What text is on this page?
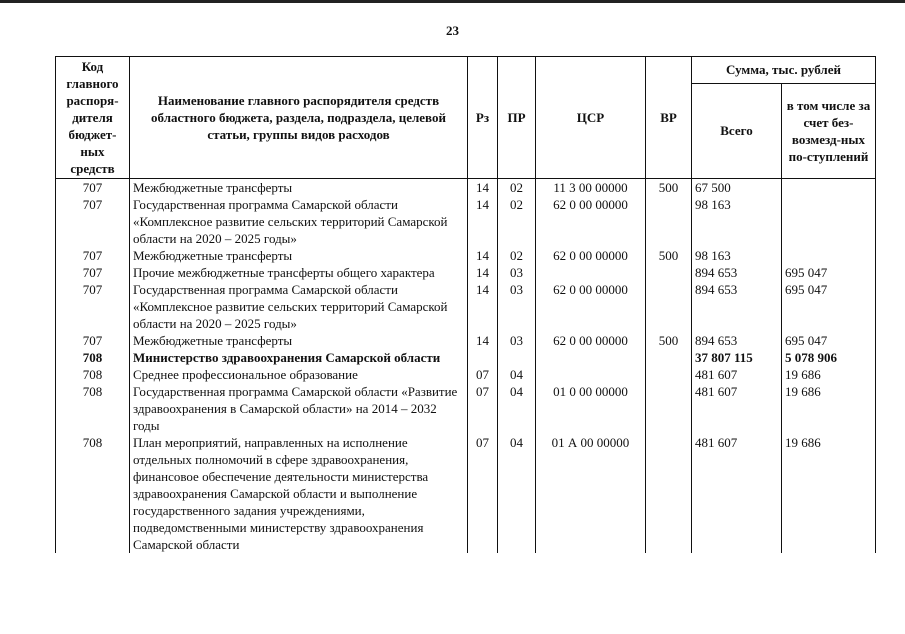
23
Код главного распоря-дителя бюджет-ных средств	Наименование главного распорядителя средств областного бюджета, раздела, подраздела, целевой статьи, группы видов расходов	Рз	ПР	ЦСР	ВР	Сумма, тыс. рублей	
						Всего	в том числе за счет без-возмезд-ных по-ступлений
707	Межбюджетные трансферты	14	02	11 3 00 00000	500	67 500	
707	Государственная программа Самарской области «Комплексное развитие сельских территорий Самарской области на 2020 – 2025 годы»	14	02	62 0 00 00000		98 163	
707	Межбюджетные трансферты	14	02	62 0 00 00000	500	98 163	
707	Прочие межбюджетные трансферты общего характера	14	03			894 653	695 047
707	Государственная программа Самарской области «Комплексное развитие сельских территорий Самарской области на 2020 – 2025 годы»	14	03	62 0 00 00000		894 653	695 047
707	Межбюджетные трансферты	14	03	62 0 00 00000	500	894 653	695 047
708	Министерство здравоохранения Самарской области					37 807 115	5 078 906
708	Среднее профессиональное образование	07	04			481 607	19 686
708	Государственная программа Самарской области «Развитие здравоохранения в Самарской области» на 2014 – 2032 годы	07	04	01 0 00 00000		481 607	19 686
708	План мероприятий, направленных на исполнение отдельных полномочий в сфере здравоохранения, финансовое обеспечение деятельности министерства здравоохранения Самарской области и выполнение государственного задания учреждениями, подведомственными министерству здравоохранения Самарской области	07	04	01 А 00 00000		481 607	19 686
